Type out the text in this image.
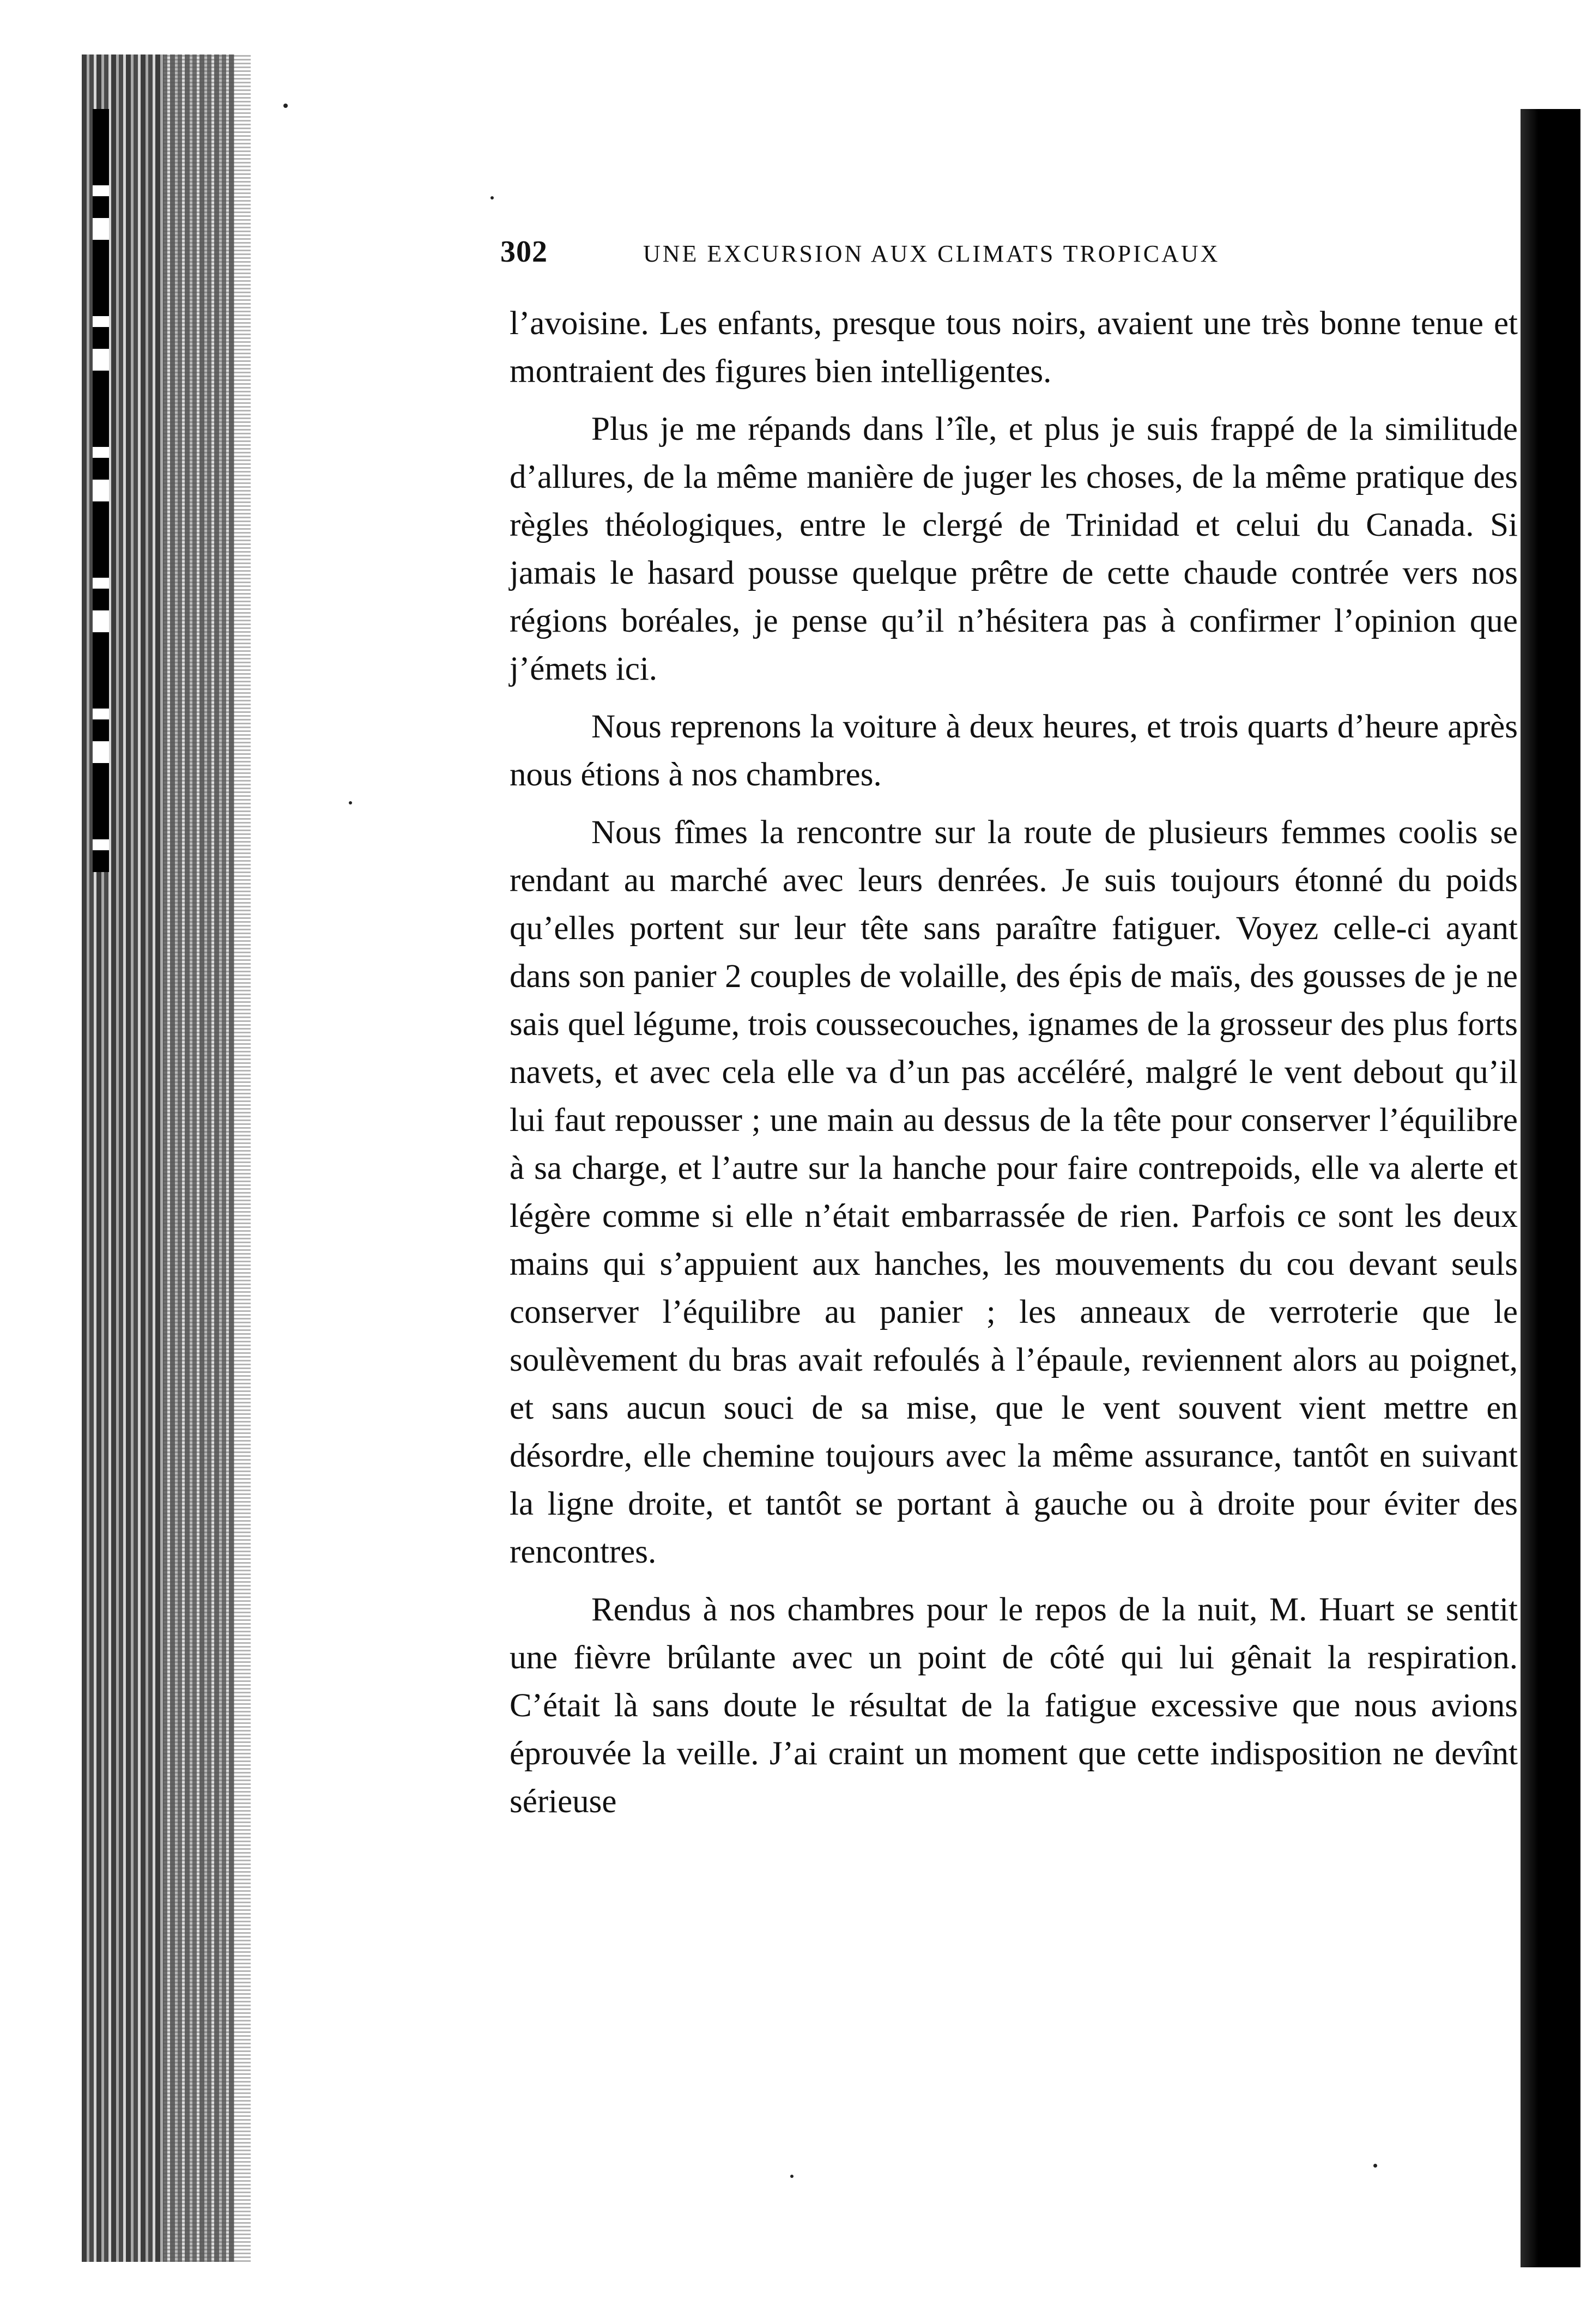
302	UNE EXCURSION AUX CLIMATS TROPICAUX

l’avoisine. Les enfants, presque tous noirs, avaient une très bonne tenue et montraient des figures bien intelligentes.

Plus je me répands dans l’île, et plus je suis frappé de la similitude d’allures, de la même manière de juger les choses, de la même pratique des règles théologiques, entre le clergé de Trinidad et celui du Canada. Si jamais le hasard pousse quelque prêtre de cette chaude contrée vers nos régions boréales, je pense qu’il n’hésitera pas à confirmer l’opinion que j’émets ici.

Nous reprenons la voiture à deux heures, et trois quarts d’heure après nous étions à nos chambres.

Nous fîmes la rencontre sur la route de plusieurs femmes coolis se rendant au marché avec leurs denrées. Je suis toujours étonné du poids qu’elles portent sur leur tête sans paraître fatiguer. Voyez celle-ci ayant dans son panier 2 couples de volaille, des épis de maïs, des gousses de je ne sais quel légume, trois coussecouches, ignames de la grosseur des plus forts navets, et avec cela elle va d’un pas accéléré, malgré le vent debout qu’il lui faut repousser ; une main au dessus de la tête pour conserver l’équilibre à sa charge, et l’autre sur la hanche pour faire contrepoids, elle va alerte et légère comme si elle n’était embarrassée de rien. Parfois ce sont les deux mains qui s’appuient aux hanches, les mouvements du cou devant seuls conserver l’équilibre au panier ; les anneaux de verroterie que le soulèvement du bras avait refoulés à l’épaule, reviennent alors au poignet, et sans aucun souci de sa mise, que le vent souvent vient mettre en désordre, elle chemine toujours avec la même assurance, tantôt en suivant la ligne droite, et tantôt se portant à gauche ou à droite pour éviter des rencontres.

Rendus à nos chambres pour le repos de la nuit, M. Huart se sentit une fièvre brûlante avec un point de côté qui lui gênait la respiration. C’était là sans doute le résultat de la fatigue excessive que nous avions éprouvée la veille. J’ai craint un moment que cette indisposition ne devînt sérieuse
